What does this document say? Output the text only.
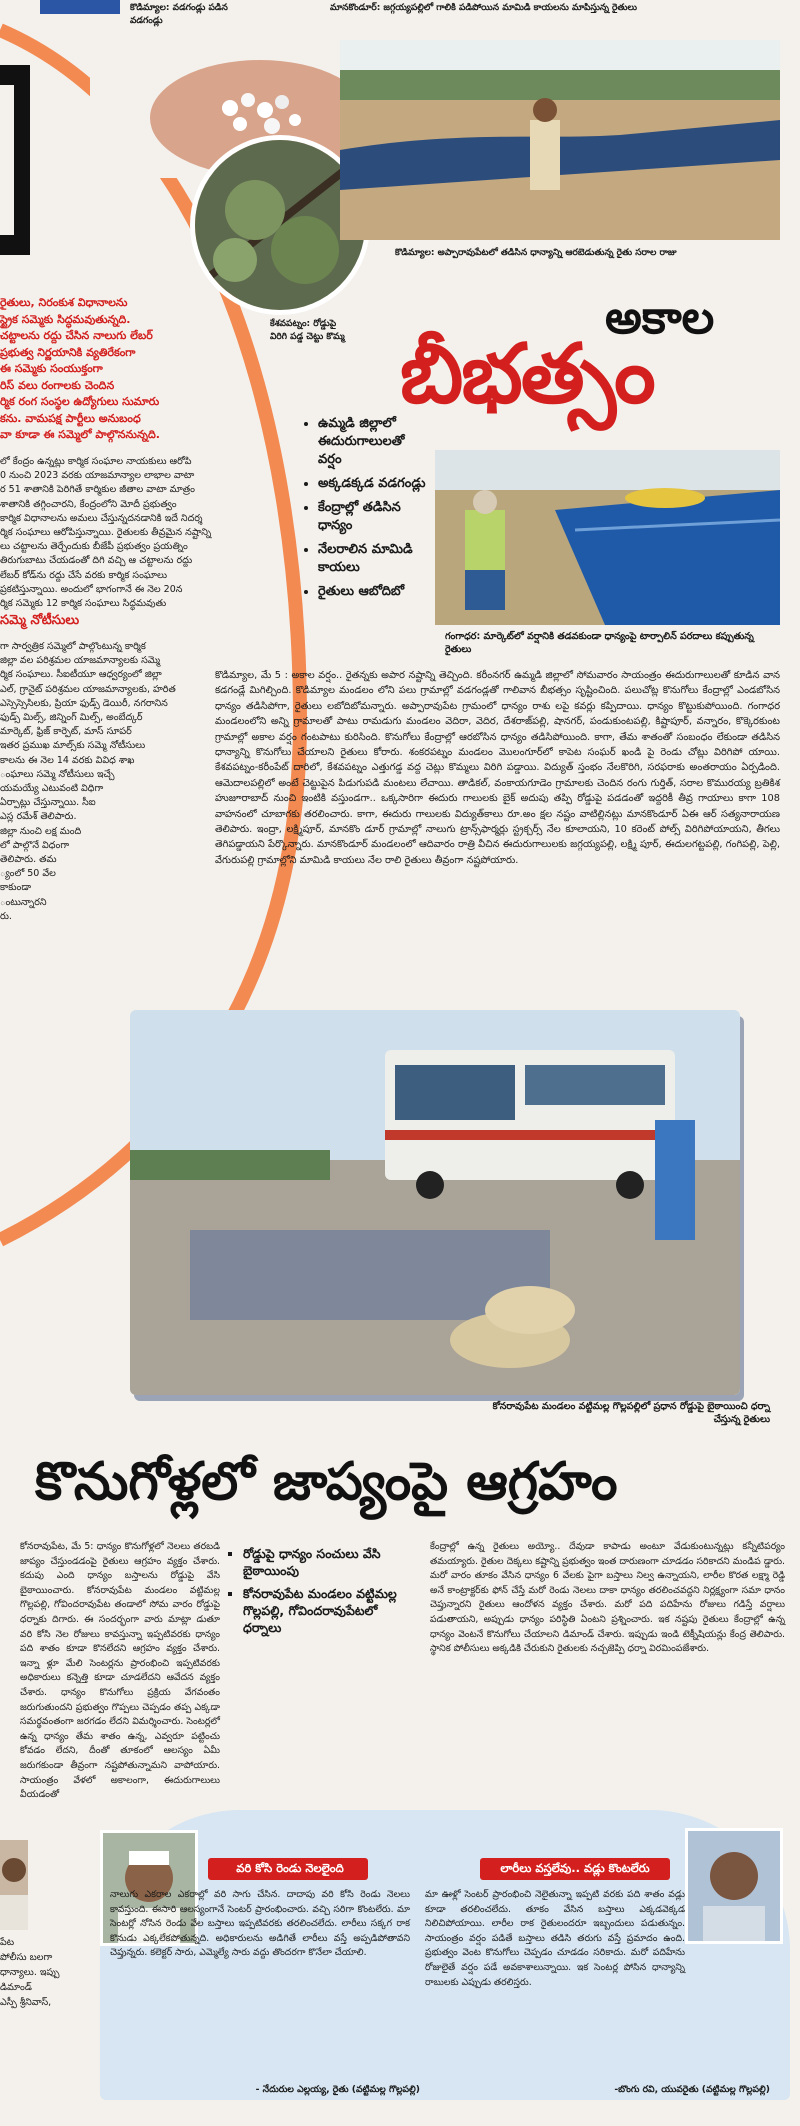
కొడిమ్యాల: వడగండ్లు పడిన వడగండ్లు
మానకొండూర్: జగ్గయ్యపల్లిలో గాలికి పడిపోయిన మామిడి కాయలను మాపిస్తున్న రైతులు
కొడిమ్యాల: అప్పారావుపేటలో తడిసిన ధాన్యాన్ని ఆరబెడుతున్న రైతు సరాల రాజు
రైతులు, నిరంకుశ విధానాలను
స్ట్రైక సమ్మెకు సిద్ధమవుతున్నది.
చట్టాలను రద్దు చేసిన నాలుగు లేబర్
ప్రభుత్వ నిర్ణయానికి వ్యతిరేకంగా
ఈ సమ్మెకు సంయుక్తంగా
రిస్ వలు రంగాలకు చెందిన
ర్మిక రంగ సంస్థల ఉద్యోగులు సుమారు
కను. వామపక్ష పార్టీలు అనుబంధ
వా కూడా ఈ సమ్మెలో పాల్గొననున్నది.
లో కేంద్రం ఉన్నట్లు కార్మిక సంఘాల నాయకులు ఆరోపి
0 నుంచి 2023 వరకు యాజమాన్యాల లాభాల వాటా
ర 51 శాతానికి పెరిగితే కార్మికుల జీతాల వాటా మాత్రం
శాతానికి తగ్గించారని, కేంద్రంలోని మోదీ ప్రభుత్వం
కార్మిక విధానాలను అమలు చేస్తున్నదనడానికి ఇదే నిదర్శ
ర్మిక సంఘాలు ఆరోపిస్తున్నాయి. రైతులకు తీవ్రమైన నష్టాన్ని
లు చట్టాలను తెర్చేందుకు బీజేపీ ప్రభుత్వం ప్రయత్నిం
తిరుగుబాటు చేయడంతో దిగి వచ్చి ఆ చట్టాలను రద్దు
లేబర్ కోడ్‌ను రద్దు చేసే వరకు కార్మిక సంఘాలు
ప్రకటిస్తున్నాయి. అందులో భాగంగానే ఈ నెల 20న
ర్మిక సమ్మెకు 12 కార్మిక సంఘాలు సిద్ధమవుతు
సమ్మె నోటీసులు
గా సార్వత్రిక సమ్మెలో పాల్గొంటున్న కార్మిక
జిల్లా వల పరిశ్రమల యాజమాన్యాలకు సమ్మె
ర్మిక సంఘాలు. సీఐటీయూ ఆధ్వర్యంలో జిల్లా
ఎల్, గ్రానైట్ పరిశ్రమల యాజమాన్యాలకు, హరిత
ఎస్సెస్సెసిలకు, ప్రియా ఫుడ్స్ డెయిరీ, నగరానిన
ఫుడ్స్ మిల్స్, జిన్నింగ్ మిల్స్, అంబేద్కర్
మార్కెట్, ఫ్రిజ్ కార్పెట్, మాస్ సూపర్
ఇతర ప్రముఖ మాల్స్‌కు సమ్మె నోటీసులు
కాలను ఈ నెల 14 వరకు వివిధ శాఖ
ంఘాలు సమ్మె నోటీసులు ఇచ్చే
యమయ్యే ఎటువంటి విధిగా
ఏర్పాట్లు చేస్తున్నాయి. సీఐ
ఎస్ల రమేశ్ తెలిపారు.
జిల్లా నుంచి లక్ష మంది
లో పాల్గొనే విధంగా
తెలిపారు. తమ
్యంలో 50 వేల
కాకుండా
ంటున్నారని
రు.
కేశవపట్నం: రోడ్డుపై విరిగి పడ్డ చెట్టు కొమ్మ	అకాల
బీభత్సం
• ఉమ్మడి జిల్లాలో ఈదురుగాలులతో వర్షం
• అక్కడక్కడ వడగండ్లు
• కేంద్రాల్లో తడిసిన ధాన్యం
• నేలరాలిన మామిడి కాయలు
• రైతులు ఆబోదిబో
గంగాధర: మార్కెట్‌లో వర్షానికి తడవకుండా ధాన్యంపై టార్పాలిన్ పరదాలు కప్పుతున్న రైతులు
కొడిమ్యాల, మే 5 : అకాల వర్షం.. రైతన్నకు అపార నష్టాన్ని తెచ్చింది. కరీంనగర్ ఉమ్మడి జిల్లాలో సోమవారం సాయంత్రం ఈదురుగాలులతో కూడిన వాన కడగండ్లే మిగిల్చింది. కొడిమ్యాల మండలం లోని పలు గ్రామాల్లో వడగండ్లతో గాలివాన బీభత్సం సృష్టించింది. పలుచోట్ల కొనుగోలు కేంద్రాల్లో ఎండబోసిన ధాన్యం తడిసిపోగా, రైతులు లబోదిబోమన్నారు. అప్పారావుపేట గ్రామంలో ధాన్యం రాశు లపై కవర్లు కప్పిదాయి. ధాన్యం కొట్టుకుపోయింది. గంగాధర మండలంలోని అన్ని గ్రామాలతో పాటు రామడుగు మండలం వెదిరా, వెదిర, దేశరాజ్‌పల్లి, షానగర్, పండుకుంటపల్లి, కిష్టాపూర్, వన్నారం, కొక్కెరకుంట గ్రామాల్లో అకాల వర్షం గంటపాటు కురిసింది. కొనుగోలు కేంద్రాల్లో ఆరబోసిన ధాన్యం తడిసిపోయింది. కాగా, తేమ శాతంతో సంబంధం లేకుండా తడిసిన ధాన్యాన్ని కొనుగోలు చేయాలని రైతులు కోరారు. శంకరపట్నం మండలం మొలంగూర్‌లో కాపెట సంఘర్ ఖండి పై రెండు చోట్లు విరిగిపో యాయి. కేశవపట్నం-కరీంపేట్ దారిలో, కేశవపట్నం ఎత్తుగడ్డ వద్ద చెట్లు కొమ్మలు విరిగి పడ్డాయి. విద్యుత్ స్తంభం నేలకొరిగి, సరఫరాకు అంతరాయం ఏర్పడింది. ఆమెదాలపల్లిలో అంటే చెట్టుపైన పిడుగుపడి మంటలు లేచాయి. తాడికల్, వంకాయగూడెం గ్రామాలకు చెందిన రంగు గుర్తిత్, సరాల కొమురయ్య బ్రతికిశ హుజూరాబాద్ నుంచి ఇంటికి వస్తుండగా.. ఒక్కసారిగా ఈదురు గాలులకు బైక్ అదుపు తప్పి రోడ్డుపై పడడంతో ఇద్దరికీ తీవ్ర గాయాలు కాగా 108 వాహనంలో చూబాగకు తరలించారు. కాగా, ఈదురు గాలులకు విద్యుత్‌కాలు రూ.అం క్షల నష్టం వాటిల్లినట్లు మానకొండూర్ ఏఈ ఆర్ సత్యనారాయణ తెలిపారు. ఇంద్రా, లక్ష్మిపూర్, మానకొం డూర్ గ్రామాల్లో నాలుగు ట్రాన్స్‌ఫార్మర్లు స్ట్రక్చర్స్ నేల కూలాయని, 10 కరెంట్ పోల్స్ విరిగిపోయాయని, తీగలు తెగిపడ్డాయని పేర్కొన్నారు. మానకొండూర్ మండలంలో ఆదివారం రాత్రి వీచిన ఈదురుగాలులకు జగ్గయ్యపల్లి, లక్ష్మి పూర్, ఈదులగట్టపల్లి, గంగిపల్లి, పెల్లి, వేగురుపల్లి గ్రామాల్లోని మామిడి కాయలు నేల రాలి రైతులు తీవ్రంగా నష్టపోయారు.
కోనరావుపేట మండలం వట్టిమల్ల గొల్లపల్లిలో ప్రధాన రోడ్డుపై బైఠాయించి ధర్నా చేస్తున్న రైతులు
కొనుగోళ్లలో జాప్యంపై ఆగ్రహం
కోనరావుపేట, మే 5: ధాన్యం కొనుగోళ్లలో నెలలు తరబడి జాప్యం చేస్తుండడంపై రైతులు ఆగ్రహం వ్యక్తం చేశారు. కదుపు ఎంది ధాన్యం బస్తాలను రోడ్డుపై వేసి బైఠాయించారు. కోనరావుపేట మండలం వట్టిమల్ల గొల్లపల్లి, గోవిందరావుపేట తండాలో సోమ వారం రోడ్డుపై ధర్నాకు దిగారు. ఈ సందర్భంగా వారు మాట్లా డుతూ వరి కోసి నెల రోజులు కావస్తున్నా ఇప్పటివరకు ధాన్యం పది శాతం కూడా కొనలేదని ఆగ్రహం వ్యక్తం చేశారు. ఇన్నా ళ్లూ మేలి సెంటర్లను ప్రారంభించి ఇప్పటివరకు అధికారులు కన్నెత్తి కూడా చూడలేదని ఆవేదన వ్యక్తం చేశారు. ధాన్యం కొనుగోలు ప్రక్రియ వేగవంతం జరుగుతుందని ప్రభుత్వం గొప్పలు చెప్పడం తప్ప ఎక్కడా సమర్థవంతంగా జరగడం లేదని విమర్శించారు. సెంటర్లలో ఉన్న ధాన్యం తేమ శాతం ఉన్న, ఎవ్వరూ పట్టించు కోవడం లేదని, దీంతో తూకంలో ఆలస్యం ఏమీ జరుగకుండా తీవ్రంగా నష్టపోతున్నామని వాపోయారు. సాయంత్రం వేళలో అకాలంగా, ఈదురుగాలులు వీయడంతో
▪ రోడ్డుపై ధాన్యం సంచులు వేసి బైఠాయింపు
▪ కోనరావుపేట మండలం వట్టిమల్ల గొల్లపల్లి, గోవిందరావుపేటలో ధర్నాలు
కేంద్రాల్లో ఉన్న రైతులు అయ్యో.. దేవుడా కాపాడు అంటూ వేడుకుంటున్నట్లు కన్నీటిపర్యం తమయ్యారు. రైతుల దెక్కలు కష్టాన్ని ప్రభుత్వం ఇంత దారుణంగా చూడడం సరికాదని మండిప డ్డారు. మరో వారం తూకం వేసిన ధాన్యం 6 వేలకు పైగా బస్తాలు నిల్వ ఉన్నాయని, లారీల కొరత లక్ష్మా రెడ్డి అనే కాంట్రాక్టర్‌కు ఫోన్ చేస్తే మరో రెండు నెలలు దాకా ధాన్యం తరలించవద్దని నిర్లక్ష్యంగా సమా ధానం చెప్తున్నారని రైతులు ఆందోళన వ్యక్తం చేశారు. మరో పది పదిహేను రోజులు గడిస్తే వర్షాలు పడుతాయని, అప్పుడు ధాన్యం పరిస్థితి ఏంటని ప్రశ్నించారు. ఇక నష్టపు రైతులు కేంద్రాల్లో ఉన్న ధాన్యం వెంటనే కొనుగోలు చేయాలని డిమాండ్ చేశారు. ఇప్పుడు ఇండి టెక్నీషియన్లు కేంద్ర తెలిపారు. స్థానిక పోలీసులు అక్కడికి చేరుకుని రైతులకు నచ్చజెప్పి ధర్నా విరమింపజేశారు.
పేట
పోలీసు బలగా
ధాన్యాలు. ఇప్పు
డిమాండ్
ఎస్పీ శ్రీనివాస్,
వరి కోసి రెండు నెలలైంది
నాలుగు ఎకరాల ఎకరాల్లో వరి సాగు చేసిన. దాదాపు వరి కోసి రెండు నెలలు కావస్తుంది. ఈసారి ఆలస్యంగానే సెంటర్ ప్రారంభించారు. వచ్చి సరిగా కొంటలేరు. మా సెంటర్లో నోసిన రెండు వేల బస్తాలు ఇప్పటివరకు తరలించలేదు. లారీలు సక్కగ రాక కొనుడు ఎక్కలేకపోతున్నది. అధికారులను అడిగితే లారీలు వస్తే అప్పడిపోతావని చెప్తున్నరు. కలెక్టర్ సారు, ఎమ్మెల్యే సారు వద్దు తొందరగా కొనేలా చేయాలి.
- నేదురుల ఎల్లయ్య, రైతు (వట్టిమల్ల గొల్లపల్లి)
లారీలు వస్తలేవు.. వడ్లు కొంటలేరు
మా ఊళ్లో సెంటర్ ప్రారంభించి నెలైతున్నా ఇప్పటి వరకు పది శాతం వడ్లు కూడా తరలించలేదు. తూకం వేసిన బస్తాలు ఎక్కడవెక్కడ నిలిచిపోయాయి. లారీల రాక రైతులందరూ ఇబ్బందులు పడుతున్నం. సాయంత్రం వర్షం పడితే బస్తాలు తడిసి తరుగు వస్తే ప్రమాదం ఉంది. ప్రభుత్వం వెంట కొనుగోలు చెప్పడం చూడడం సరికాదు. మరో పదిహేను రోజులైతే వర్షం పడే అవకాశాలున్నాయి. ఇక సెంటర్ల పోసిన ధాన్యాన్ని రాబులకు ఎప్పుడు తరలిస్తరు.
-బొంగు రవి, యువరైతు (వట్టిమల్ల గొల్లపల్లి)
